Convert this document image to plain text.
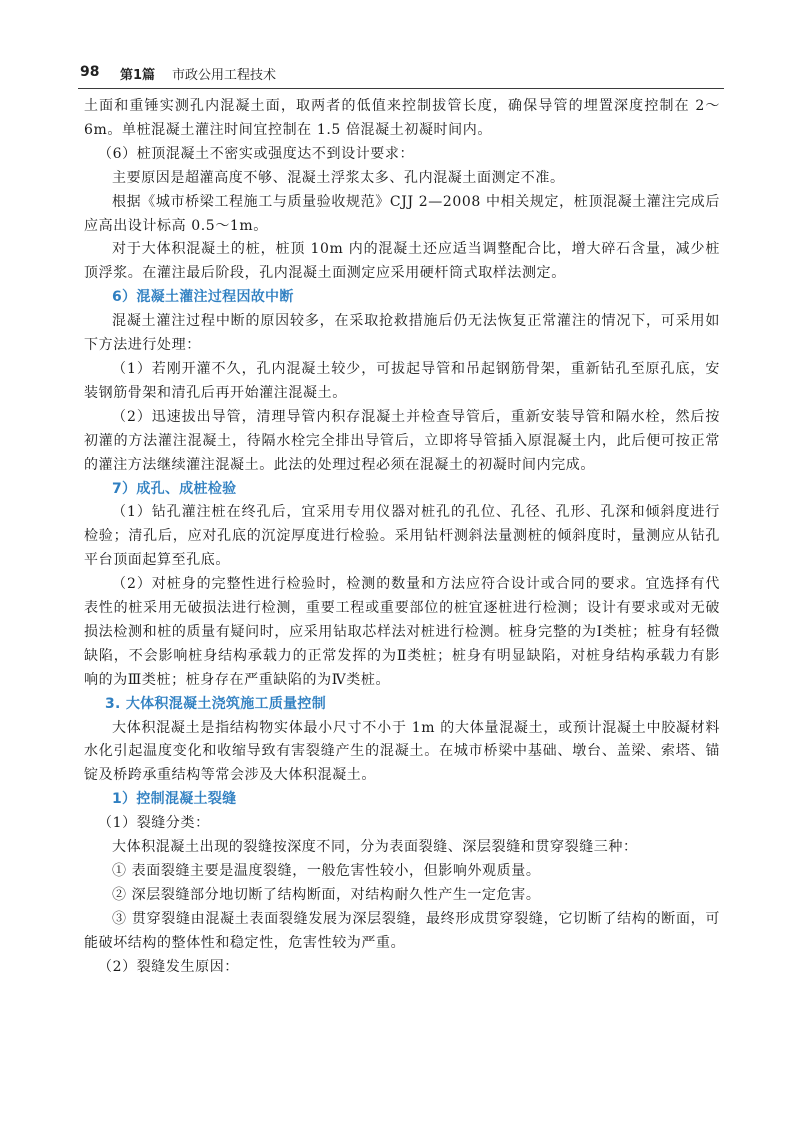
98 第1篇 市政公用工程技术

土面和重锤实测孔内混凝土面，取两者的低值来控制拔管长度，确保导管的埋置深度控制在 2～6m。单桩混凝土灌注时间宜控制在 1.5 倍混凝土初凝时间内。

（6）桩顶混凝土不密实或强度达不到设计要求：

主要原因是超灌高度不够、混凝土浮浆太多、孔内混凝土面测定不准。

根据《城市桥梁工程施工与质量验收规范》CJJ 2—2008 中相关规定，桩顶混凝土灌注完成后应高出设计标高 0.5～1m。

对于大体积混凝土的桩，桩顶 10m 内的混凝土还应适当调整配合比，增大碎石含量，减少桩顶浮浆。在灌注最后阶段，孔内混凝土面测定应采用硬杆筒式取样法测定。

6）混凝土灌注过程因故中断

混凝土灌注过程中断的原因较多，在采取抢救措施后仍无法恢复正常灌注的情况下，可采用如下方法进行处理：

（1）若刚开灌不久，孔内混凝土较少，可拔起导管和吊起钢筋骨架，重新钻孔至原孔底，安装钢筋骨架和清孔后再开始灌注混凝土。

（2）迅速拔出导管，清理导管内积存混凝土并检查导管后，重新安装导管和隔水栓，然后按初灌的方法灌注混凝土，待隔水栓完全排出导管后，立即将导管插入原混凝土内，此后便可按正常的灌注方法继续灌注混凝土。此法的处理过程必须在混凝土的初凝时间内完成。

7）成孔、成桩检验

（1）钻孔灌注桩在终孔后，宜采用专用仪器对桩孔的孔位、孔径、孔形、孔深和倾斜度进行检验；清孔后，应对孔底的沉淀厚度进行检验。采用钻杆测斜法量测桩的倾斜度时，量测应从钻孔平台顶面起算至孔底。

（2）对桩身的完整性进行检验时，检测的数量和方法应符合设计或合同的要求。宜选择有代表性的桩采用无破损法进行检测，重要工程或重要部位的桩宜逐桩进行检测；设计有要求或对无破损法检测和桩的质量有疑问时，应采用钻取芯样法对桩进行检测。桩身完整的为Ⅰ类桩；桩身有轻微缺陷，不会影响桩身结构承载力的正常发挥的为Ⅱ类桩；桩身有明显缺陷，对桩身结构承载力有影响的为Ⅲ类桩；桩身存在严重缺陷的为Ⅳ类桩。

3. 大体积混凝土浇筑施工质量控制

大体积混凝土是指结构物实体最小尺寸不小于 1m 的大体量混凝土，或预计混凝土中胶凝材料水化引起温度变化和收缩导致有害裂缝产生的混凝土。在城市桥梁中基础、墩台、盖梁、索塔、锚锭及桥跨承重结构等常会涉及大体积混凝土。

1）控制混凝土裂缝

（1）裂缝分类：

大体积混凝土出现的裂缝按深度不同，分为表面裂缝、深层裂缝和贯穿裂缝三种：

① 表面裂缝主要是温度裂缝，一般危害性较小，但影响外观质量。

② 深层裂缝部分地切断了结构断面，对结构耐久性产生一定危害。

③ 贯穿裂缝由混凝土表面裂缝发展为深层裂缝，最终形成贯穿裂缝，它切断了结构的断面，可能破坏结构的整体性和稳定性，危害性较为严重。

（2）裂缝发生原因：
